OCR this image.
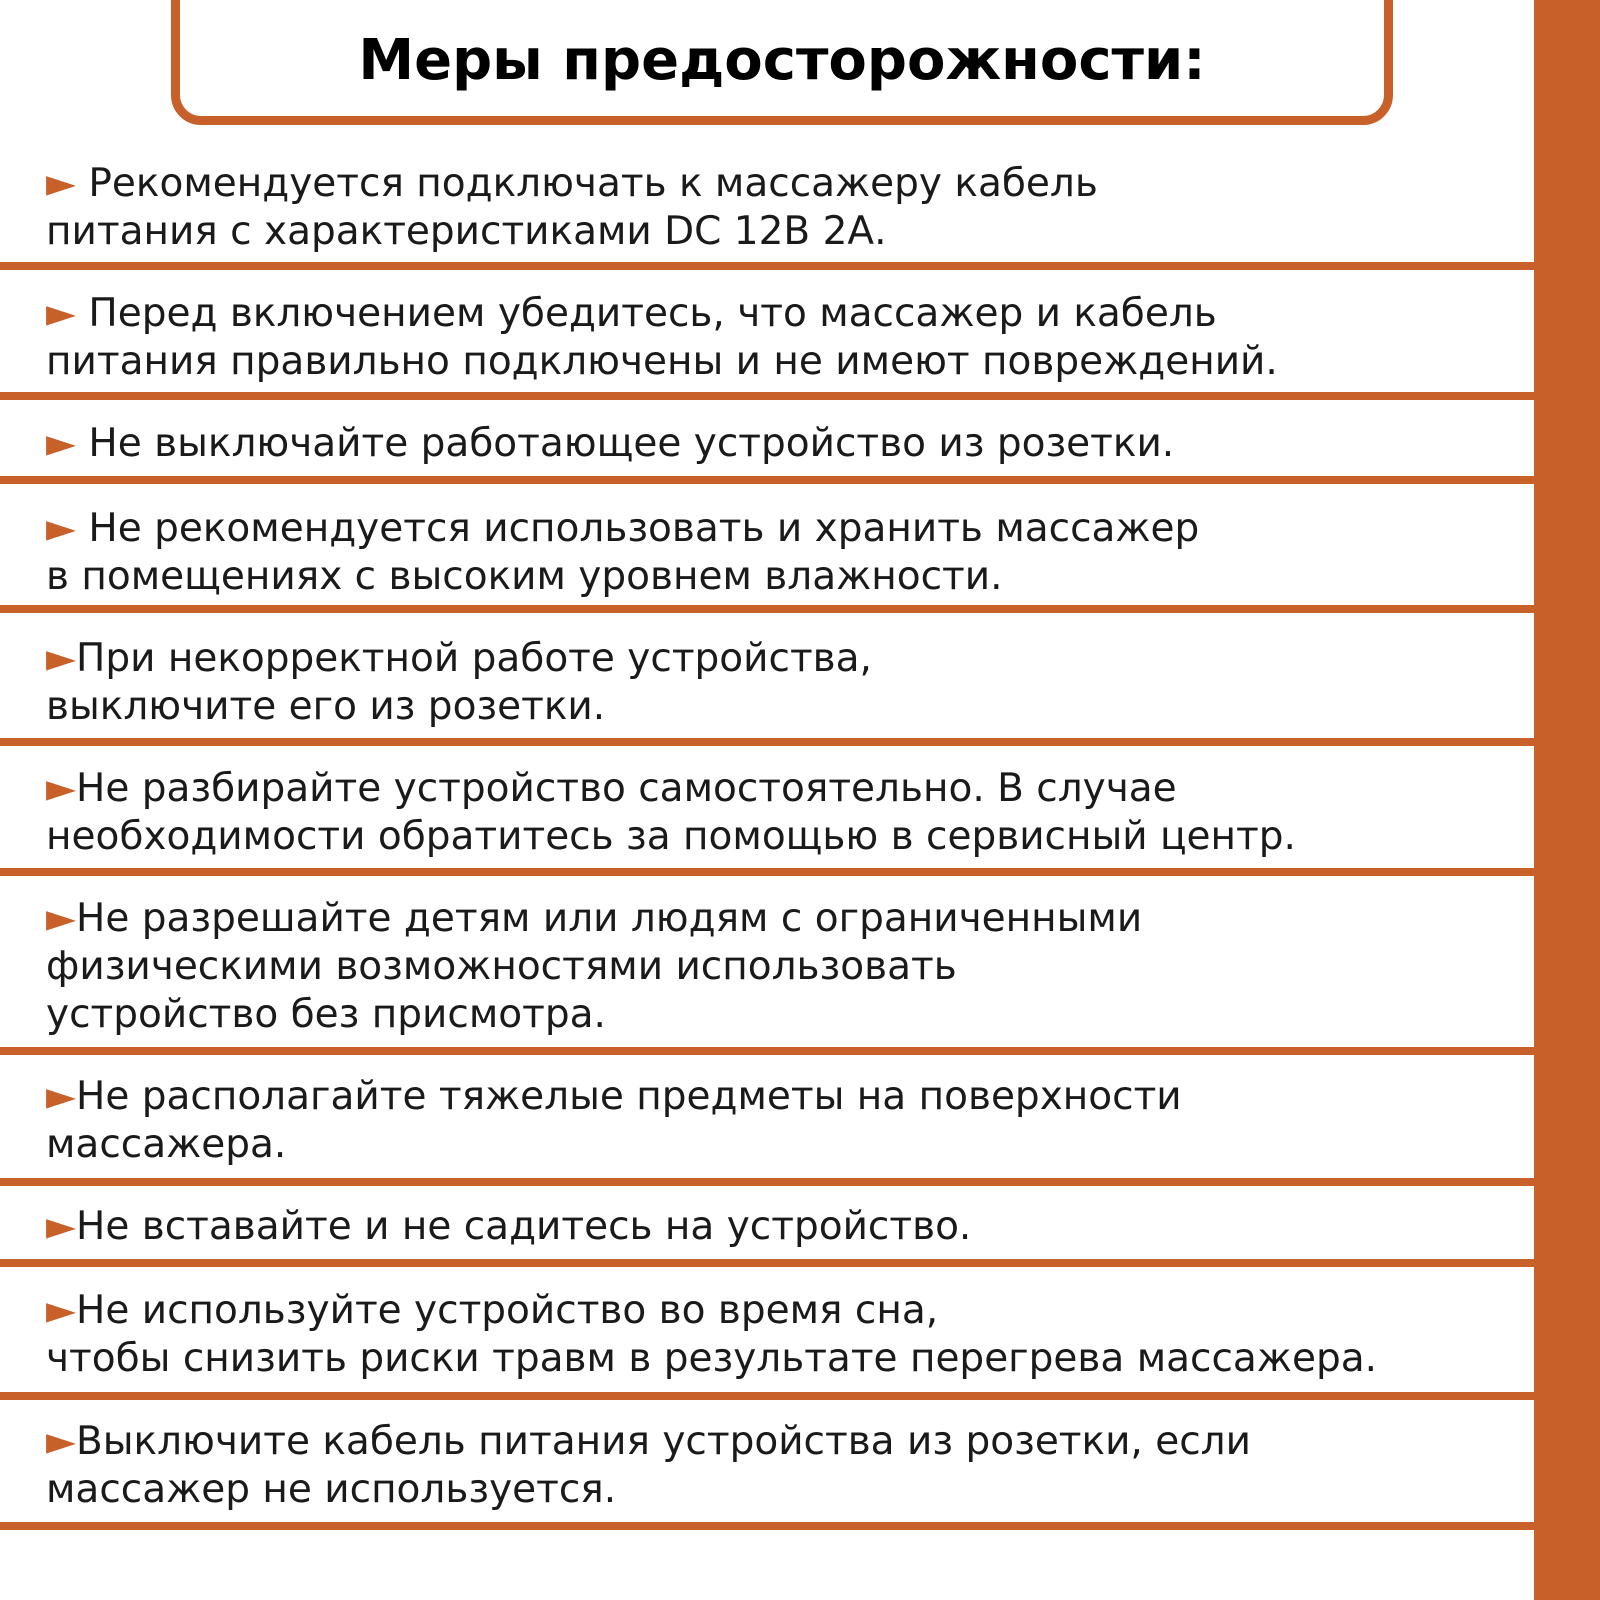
Меры предосторожности:
► Рекомендуется подключать к массажеру кабель
питания с характеристиками DC 12В 2А.
► Перед включением убедитесь, что массажер и кабель
питания правильно подключены и не имеют повреждений.
► Не выключайте работающее устройство из розетки.
► Не рекомендуется использовать и хранить массажер
в помещениях с высоким уровнем влажности.
►При некорректной работе устройства,
выключите его из розетки.
►Не разбирайте устройство самостоятельно. В случае
необходимости обратитесь за помощью в сервисный центр.
►Не разрешайте детям или людям с ограниченными
физическими возможностями использовать
устройство без присмотра.
►Не располагайте тяжелые предметы на поверхности
массажера.
►Не вставайте и не садитесь на устройство.
►Не используйте устройство во время сна,
чтобы снизить риски травм в результате перегрева массажера.
►Выключите кабель питания устройства из розетки, если
массажер не используется.
